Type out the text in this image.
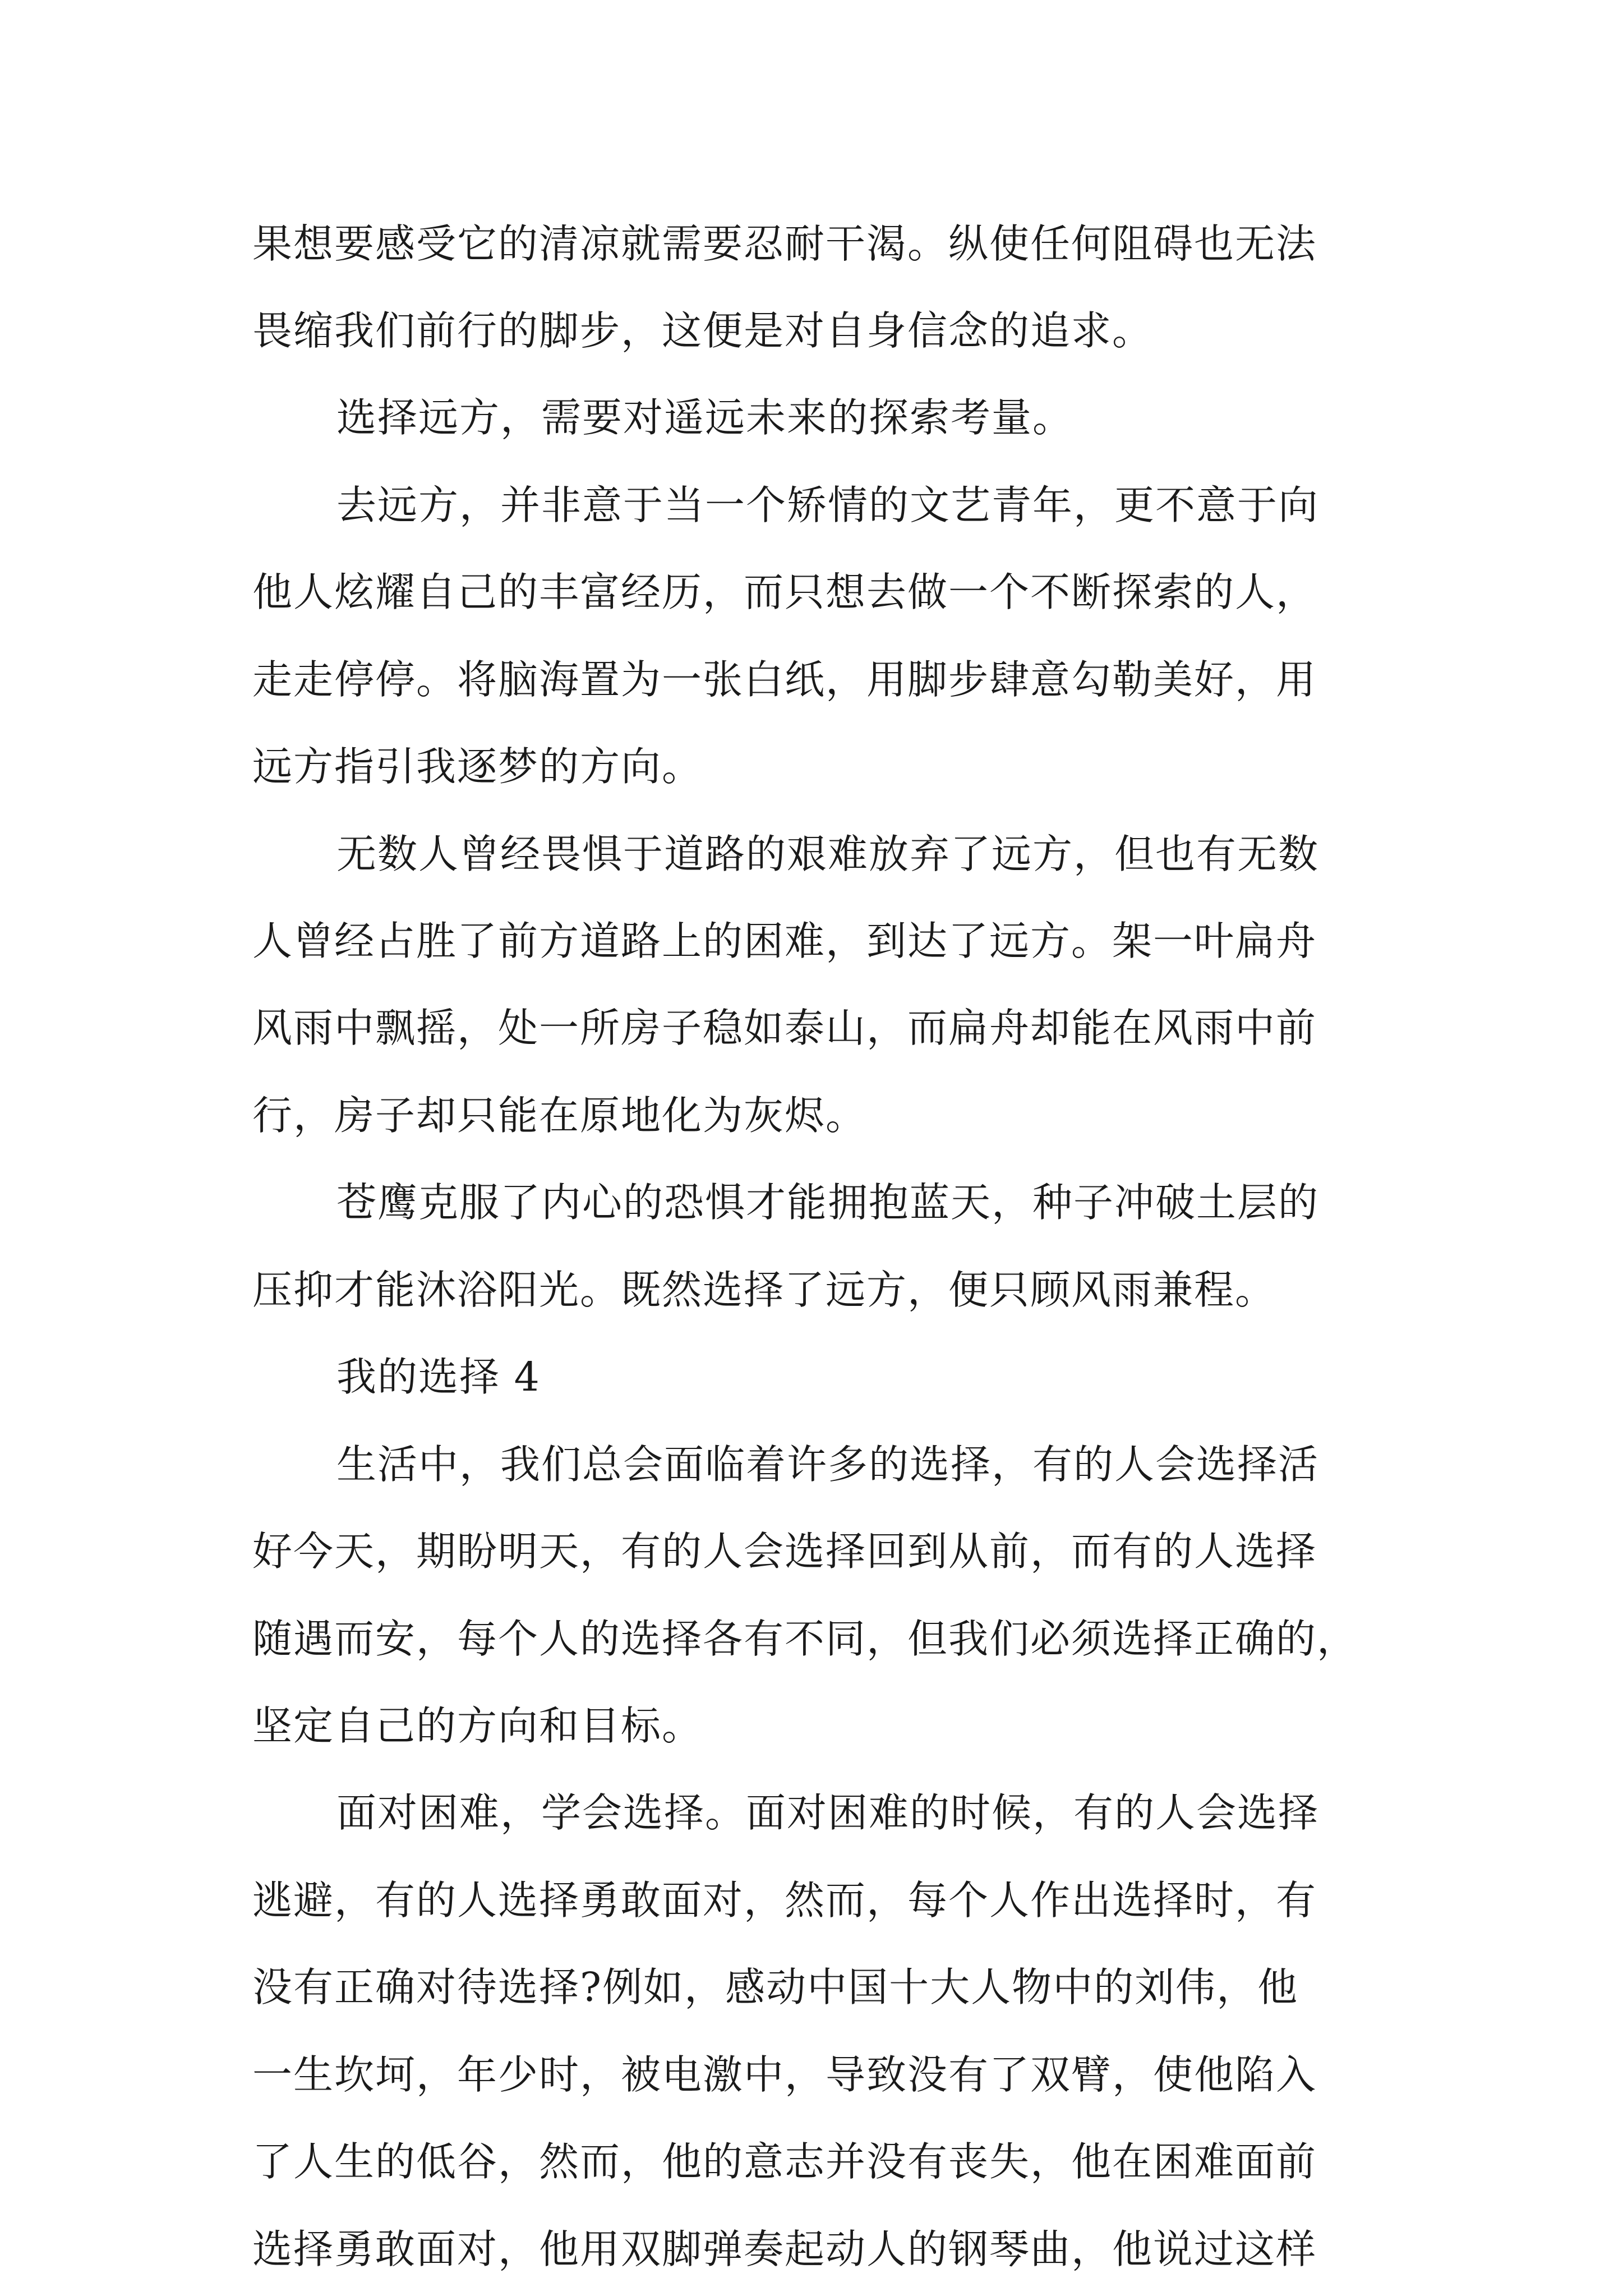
果想要感受它的清凉就需要忍耐干渴。纵使任何阻碍也无法
畏缩我们前行的脚步，这便是对自身信念的追求。
选择远方，需要对遥远未来的探索考量。
去远方，并非意于当一个矫情的文艺青年，更不意于向
他人炫耀自己的丰富经历，而只想去做一个不断探索的人，
走走停停。将脑海置为一张白纸，用脚步肆意勾勒美好，用
远方指引我逐梦的方向。
无数人曾经畏惧于道路的艰难放弃了远方，但也有无数
人曾经占胜了前方道路上的困难，到达了远方。架一叶扁舟
风雨中飘摇，处一所房子稳如泰山，而扁舟却能在风雨中前
行，房子却只能在原地化为灰烬。
苍鹰克服了内心的恐惧才能拥抱蓝天，种子冲破土层的
压抑才能沐浴阳光。既然选择了远方，便只顾风雨兼程。
我的选择 4
生活中，我们总会面临着许多的选择，有的人会选择活
好今天，期盼明天，有的人会选择回到从前，而有的人选择
随遇而安，每个人的选择各有不同，但我们必须选择正确的，
坚定自己的方向和目标。
面对困难，学会选择。面对困难的时候，有的人会选择
逃避，有的人选择勇敢面对，然而，每个人作出选择时，有
没有正确对待选择?例如，感动中国十大人物中的刘伟，他
一生坎坷，年少时，被电激中，导致没有了双臂，使他陷入
了人生的低谷，然而，他的意志并没有丧失，他在困难面前
选择勇敢面对，他用双脚弹奏起动人的钢琴曲，他说过这样
